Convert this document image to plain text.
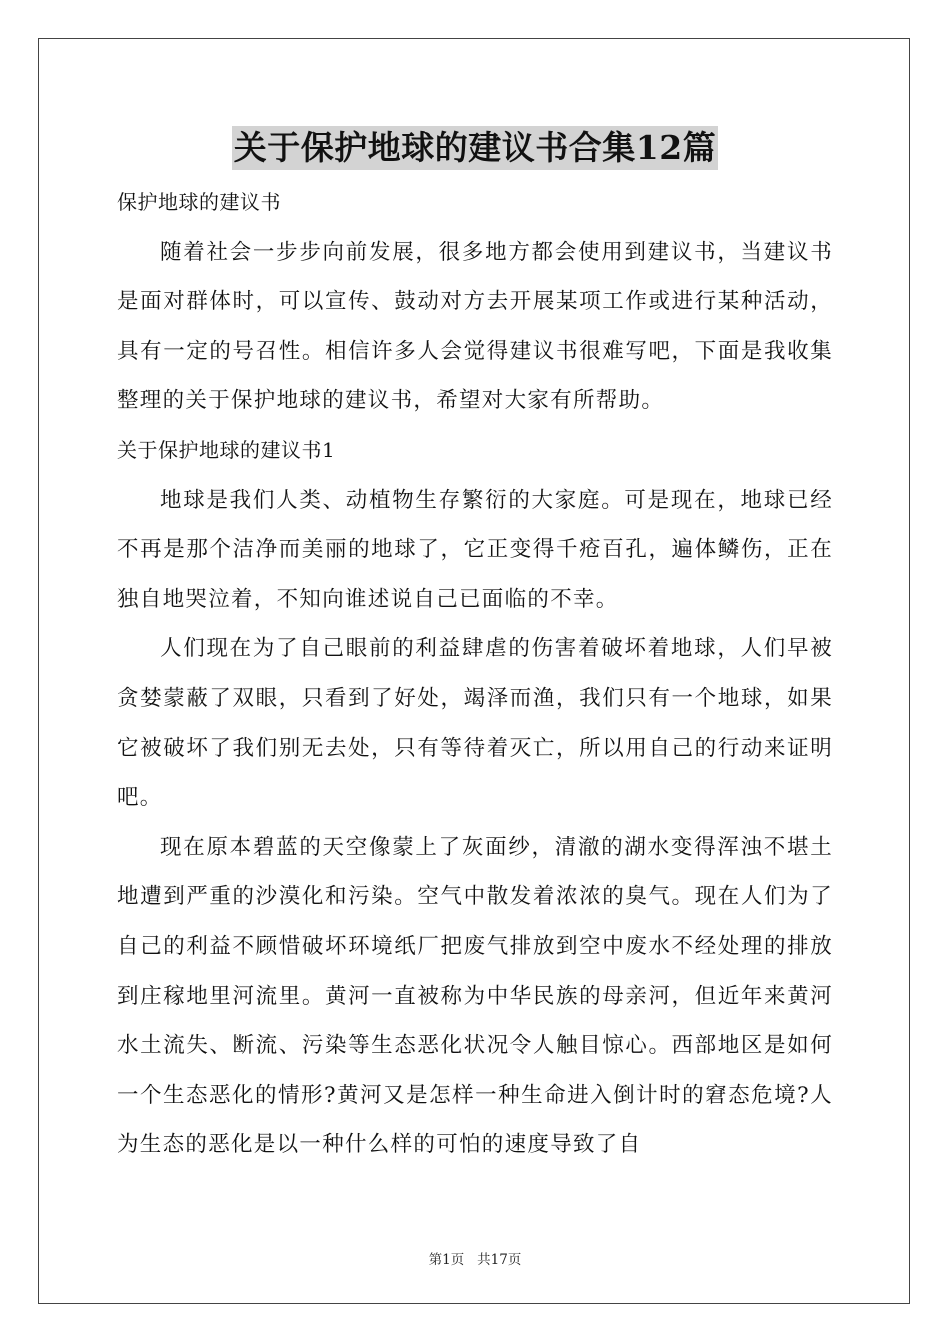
关于保护地球的建议书合集12篇

保护地球的建议书

随着社会一步步向前发展，很多地方都会使用到建议书，当建议书是面对群体时，可以宣传、鼓动对方去开展某项工作或进行某种活动，具有一定的号召性。相信许多人会觉得建议书很难写吧，下面是我收集整理的关于保护地球的建议书，希望对大家有所帮助。

关于保护地球的建议书1

地球是我们人类、动植物生存繁衍的大家庭。可是现在，地球已经不再是那个洁净而美丽的地球了，它正变得千疮百孔，遍体鳞伤，正在独自地哭泣着，不知向谁述说自己已面临的不幸。

人们现在为了自己眼前的利益肆虐的伤害着破坏着地球，人们早被贪婪蒙蔽了双眼，只看到了好处，竭泽而渔，我们只有一个地球，如果它被破坏了我们别无去处，只有等待着灭亡，所以用自己的行动来证明吧。

现在原本碧蓝的天空像蒙上了灰面纱，清澈的湖水变得浑浊不堪土地遭到严重的沙漠化和污染。空气中散发着浓浓的臭气。现在人们为了自己的利益不顾惜破坏环境纸厂把废气排放到空中废水不经处理的排放到庄稼地里河流里。黄河一直被称为中华民族的母亲河，但近年来黄河水土流失、断流、污染等生态恶化状况令人触目惊心。西部地区是如何一个生态恶化的情形?黄河又是怎样一种生命进入倒计时的窘态危境?人为生态的恶化是以一种什么样的可怕的速度导致了自

第1页 共17页
